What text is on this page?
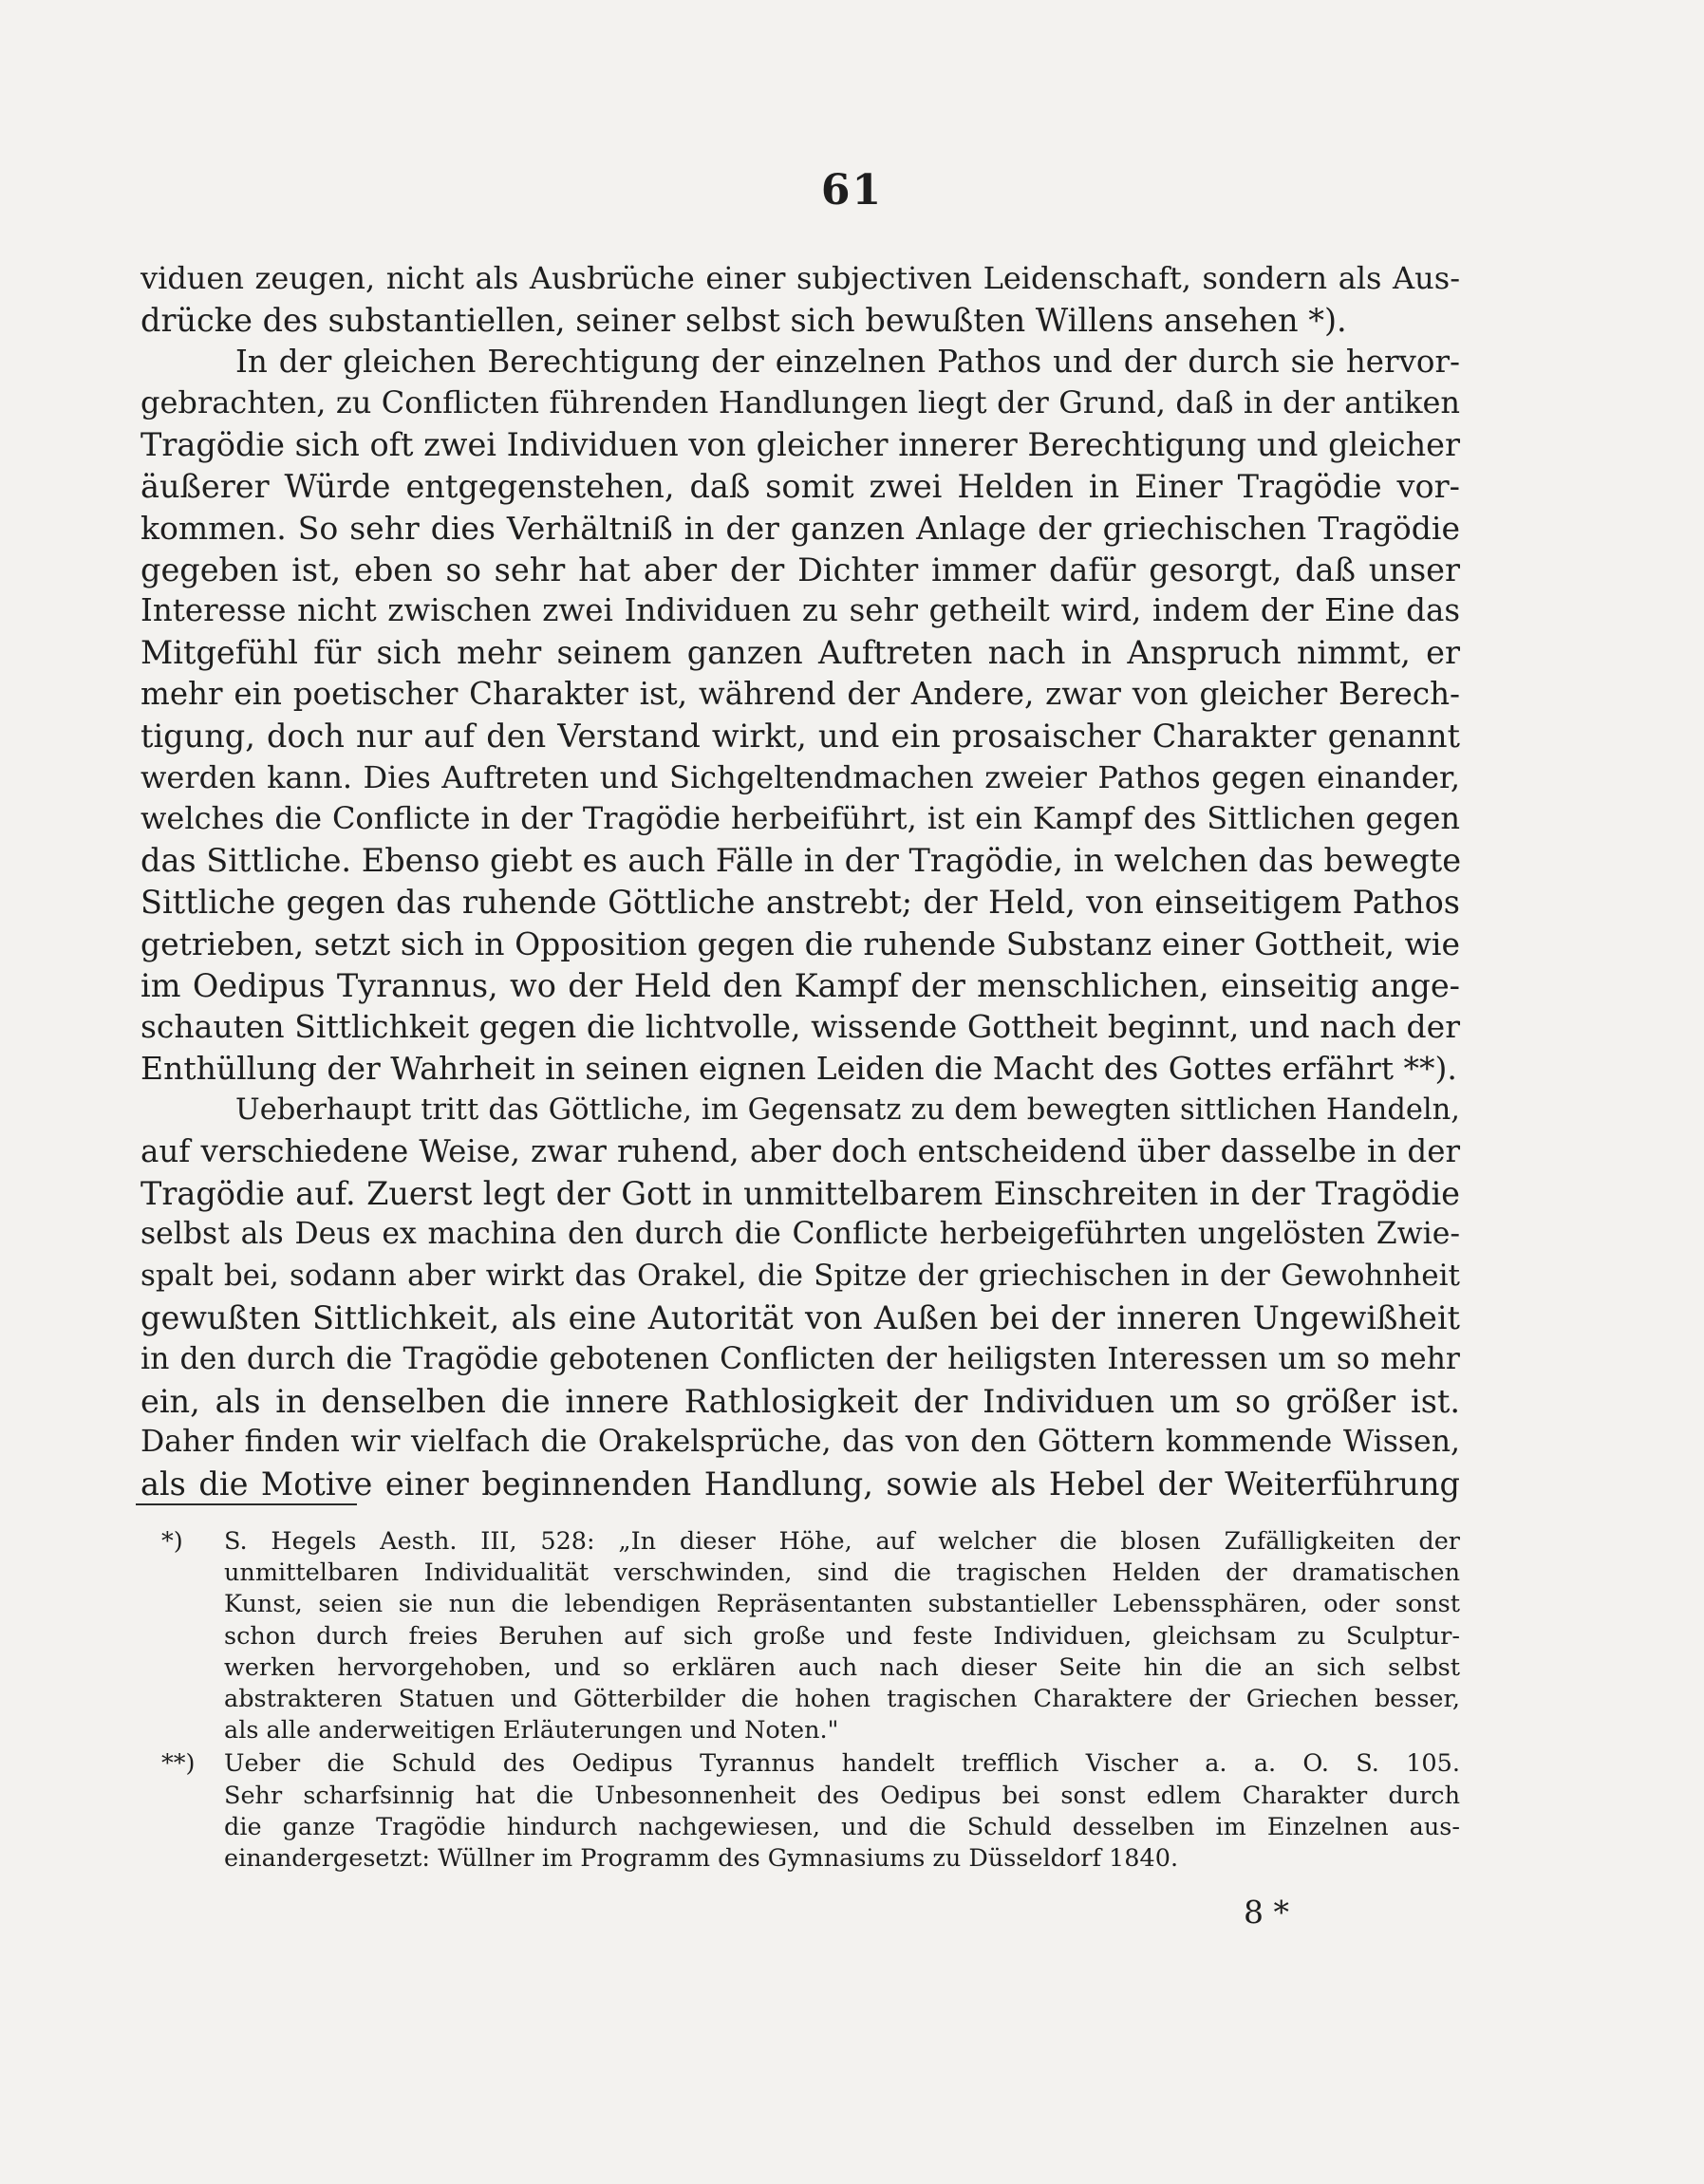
61
viduen zeugen, nicht als Ausbrüche einer subjectiven Leidenschaft, sondern als Aus-
drücke des substantiellen, seiner selbst sich bewußten Willens ansehen *).
In der gleichen Berechtigung der einzelnen Pathos und der durch sie hervor-
gebrachten, zu Conflicten führenden Handlungen liegt der Grund, daß in der antiken
Tragödie sich oft zwei Individuen von gleicher innerer Berechtigung und gleicher
äußerer Würde entgegenstehen, daß somit zwei Helden in Einer Tragödie vor-
kommen. So sehr dies Verhältniß in der ganzen Anlage der griechischen Tragödie
gegeben ist, eben so sehr hat aber der Dichter immer dafür gesorgt, daß unser
Interesse nicht zwischen zwei Individuen zu sehr getheilt wird, indem der Eine das
Mitgefühl für sich mehr seinem ganzen Auftreten nach in Anspruch nimmt, er
mehr ein poetischer Charakter ist, während der Andere, zwar von gleicher Berech-
tigung, doch nur auf den Verstand wirkt, und ein prosaischer Charakter genannt
werden kann. Dies Auftreten und Sichgeltendmachen zweier Pathos gegen einander,
welches die Conflicte in der Tragödie herbeiführt, ist ein Kampf des Sittlichen gegen
das Sittliche. Ebenso giebt es auch Fälle in der Tragödie, in welchen das bewegte
Sittliche gegen das ruhende Göttliche anstrebt; der Held, von einseitigem Pathos
getrieben, setzt sich in Opposition gegen die ruhende Substanz einer Gottheit, wie
im Oedipus Tyrannus, wo der Held den Kampf der menschlichen, einseitig ange-
schauten Sittlichkeit gegen die lichtvolle, wissende Gottheit beginnt, und nach der
Enthüllung der Wahrheit in seinen eignen Leiden die Macht des Gottes erfährt **).
Ueberhaupt tritt das Göttliche, im Gegensatz zu dem bewegten sittlichen Handeln,
auf verschiedene Weise, zwar ruhend, aber doch entscheidend über dasselbe in der
Tragödie auf. Zuerst legt der Gott in unmittelbarem Einschreiten in der Tragödie
selbst als Deus ex machina den durch die Conflicte herbeigeführten ungelösten Zwie-
spalt bei, sodann aber wirkt das Orakel, die Spitze der griechischen in der Gewohnheit
gewußten Sittlichkeit, als eine Autorität von Außen bei der inneren Ungewißheit
in den durch die Tragödie gebotenen Conflicten der heiligsten Interessen um so mehr
ein, als in denselben die innere Rathlosigkeit der Individuen um so größer ist.
Daher finden wir vielfach die Orakelsprüche, das von den Göttern kommende Wissen,
als die Motive einer beginnenden Handlung, sowie als Hebel der Weiterführung
*) S. Hegels Aesth. III, 528: „In dieser Höhe, auf welcher die blosen Zufälligkeiten der
unmittelbaren Individualität verschwinden, sind die tragischen Helden der dramatischen
Kunst, seien sie nun die lebendigen Repräsentanten substantieller Lebenssphären, oder sonst
schon durch freies Beruhen auf sich große und feste Individuen, gleichsam zu Sculptur-
werken hervorgehoben, und so erklären auch nach dieser Seite hin die an sich selbst
abstrakteren Statuen und Götterbilder die hohen tragischen Charaktere der Griechen besser,
als alle anderweitigen Erläuterungen und Noten."
**) Ueber die Schuld des Oedipus Tyrannus handelt trefflich Vischer a. a. O. S. 105.
Sehr scharfsinnig hat die Unbesonnenheit des Oedipus bei sonst edlem Charakter durch
die ganze Tragödie hindurch nachgewiesen, und die Schuld desselben im Einzelnen aus-
einandergesetzt: Wüllner im Programm des Gymnasiums zu Düsseldorf 1840.
8 *
